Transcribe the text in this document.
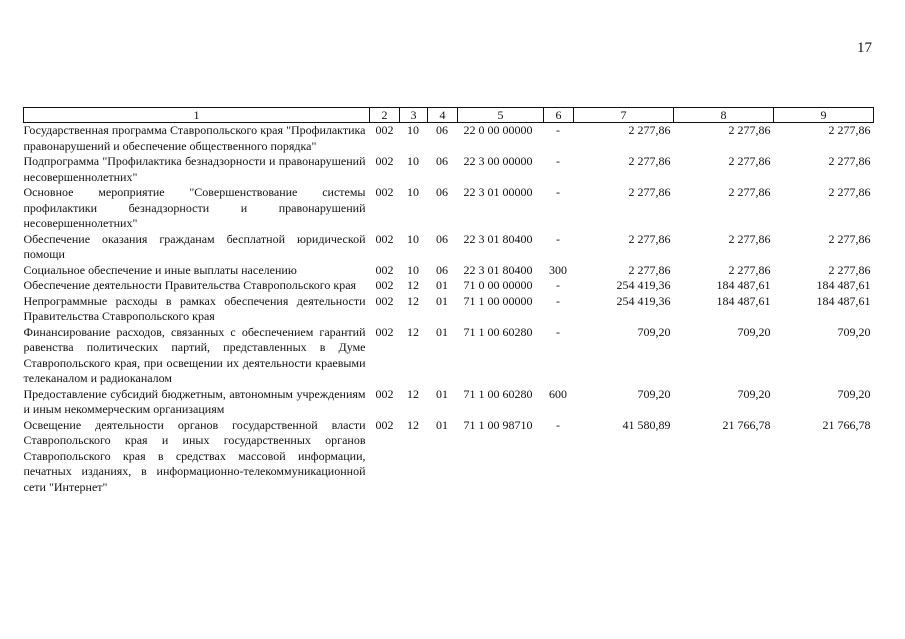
17
1	2	3	4	5	6	7	8	9
Государственная программа Ставропольского края "Профилактика правонарушений и обеспечение общественного порядка"	002	10	06	22 0 00 00000	-	2 277,86	2 277,86	2 277,86
Подпрограмма "Профилактика безнадзорности и правонарушений несовершеннолетних"	002	10	06	22 3 00 00000	-	2 277,86	2 277,86	2 277,86
Основное мероприятие "Совершенствование системы профилактики безнадзорности и правонарушений несовершеннолетних"	002	10	06	22 3 01 00000	-	2 277,86	2 277,86	2 277,86
Обеспечение оказания гражданам бесплатной юридической помощи	002	10	06	22 3 01 80400	-	2 277,86	2 277,86	2 277,86
Социальное обеспечение и иные выплаты населению	002	10	06	22 3 01 80400	300	2 277,86	2 277,86	2 277,86
Обеспечение деятельности Правительства Ставропольского края	002	12	01	71 0 00 00000	-	254 419,36	184 487,61	184 487,61
Непрограммные расходы в рамках обеспечения деятельности Правительства Ставропольского края	002	12	01	71 1 00 00000	-	254 419,36	184 487,61	184 487,61
Финансирование расходов, связанных с обеспечением гарантий равенства политических партий, представленных в Думе Ставропольского края, при освещении их деятельности краевыми телеканалом и радиоканалом	002	12	01	71 1 00 60280	-	709,20	709,20	709,20
Предоставление субсидий бюджетным, автономным учреждениям и иным некоммерческим организациям	002	12	01	71 1 00 60280	600	709,20	709,20	709,20
Освещение деятельности органов государственной власти Ставропольского края и иных государственных органов Ставропольского края в средствах массовой информации, печатных изданиях, в информационно-телекоммуникационной сети "Интернет"	002	12	01	71 1 00 98710	-	41 580,89	21 766,78	21 766,78
